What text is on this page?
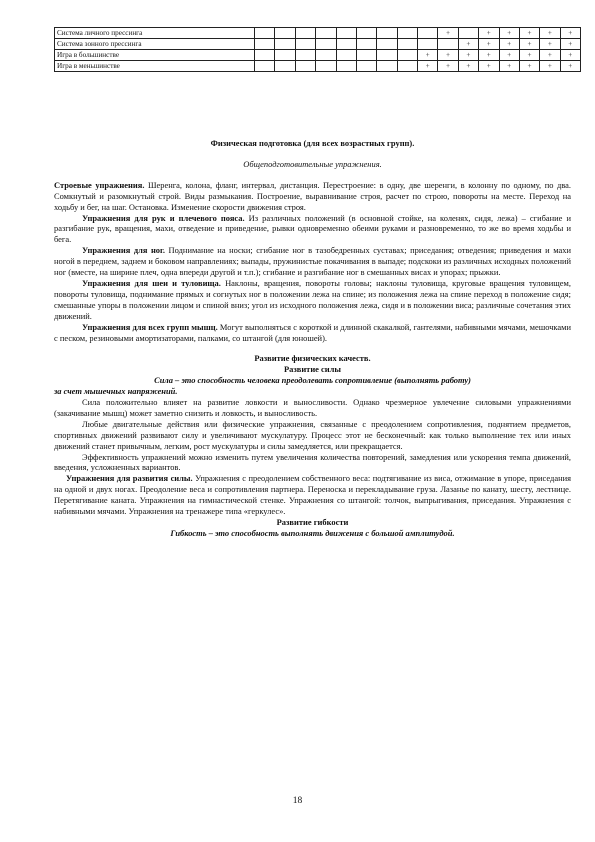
Система личного прессинга										+		+	+	+	+	+
Система зонного прессинга											+	+	+	+	+	+
Игра в большинстве									+	+	+	+	+	+	+	+
Игра в меньшинстве									+	+	+	+	+	+	+	+

Физическая подготовка (для всех возрастных групп).

Общеподготовительные упражнения.

Строевые упражнения. Шеренга, колона, фланг, интервал, дистанция. Перестроение: в одну, две шеренги, в колонну по одному, по два. Сомкнутый и разомкнутый строй. Виды размыкания. Построение, выравнивание строя, расчет по строю, повороты на месте. Переход на ходьбу и бег, на шаг. Остановка. Изменение скорости движения строя.

Упражнения для рук и плечевого пояса. Из различных положений (в основной стойке, на коленях, сидя, лежа) – сгибание и разгибание рук, вращения, махи, отведение и приведение, рывки одновременно обеими руками и разновременно, то же во время ходьбы и бега.

Упражнения для ног. Поднимание на носки; сгибание ног в тазобедренных суставах; приседания; отведения; приведения и махи ногой в переднем, заднем и боковом направлениях; выпады, пружинистые покачивания в выпаде; подскоки из различных исходных положений ног (вместе, на ширине плеч, одна впереди другой и т.п.); сгибание и разгибание ног в смешанных висах и упорах; прыжки.

Упражнения для шеи и туловища. Наклоны, вращения, повороты головы; наклоны туловища, круговые вращения туловищем, повороты туловища, поднимание прямых и согнутых ног в положении лежа на спине; из положения лежа на спине переход в положение сидя; смешанные упоры в положении лицом и спиной вниз; угол из исходного положения лежа, сидя и в положении виса; различные сочетания этих движений.

Упражнения для всех групп мышц. Могут выполняться с короткой и длинной скакалкой, гантелями, набивными мячами, мешочками с песком, резиновыми амортизаторами, палками, со штангой (для юношей).

Развитие физических качеств.

Развитие силы

Сила – это способность человека преодолевать сопротивление (выполнять работу)

за счет мышечных напряжений.

Сила положительно влияет на развитие ловкости и выносливости. Однако чрезмерное увлечение силовыми упражнениями (закачивание мышц) может заметно снизить и ловкость, и выносливость.

Любые двигательные действия или физические упражнения, связанные с преодолением сопротивления, поднятием предметов, спортивных движений развивают силу и увеличивают мускулатуру. Процесс этот не бесконечный: как только выполнение тех или иных движений станет привычным, легким, рост мускулатуры и силы замедляется, или прекращается.

Эффективность упражнений можно изменить путем увеличения количества повторений, замедления или ускорения темпа движений, введения, усложненных вариантов.

Упражнения для развития силы. Упражнения с преодолением собственного веса: подтягивание из виса, отжимание в упоре, приседания на одной и двух ногах. Преодоление веса и сопротивления партнера. Переноска и перекладывание груза. Лазанье по канату, шесту, лестнице. Перетягивание каната. Упражнения на гимнастической стенке. Упражнения со штангой: толчок, выпрыгивания, приседания. Упражнения с набивными мячами. Упражнения на тренажере типа «геркулес».

Развитие гибкости

Гибкость – это способность выполнять движения с большой амплитудой.

18
